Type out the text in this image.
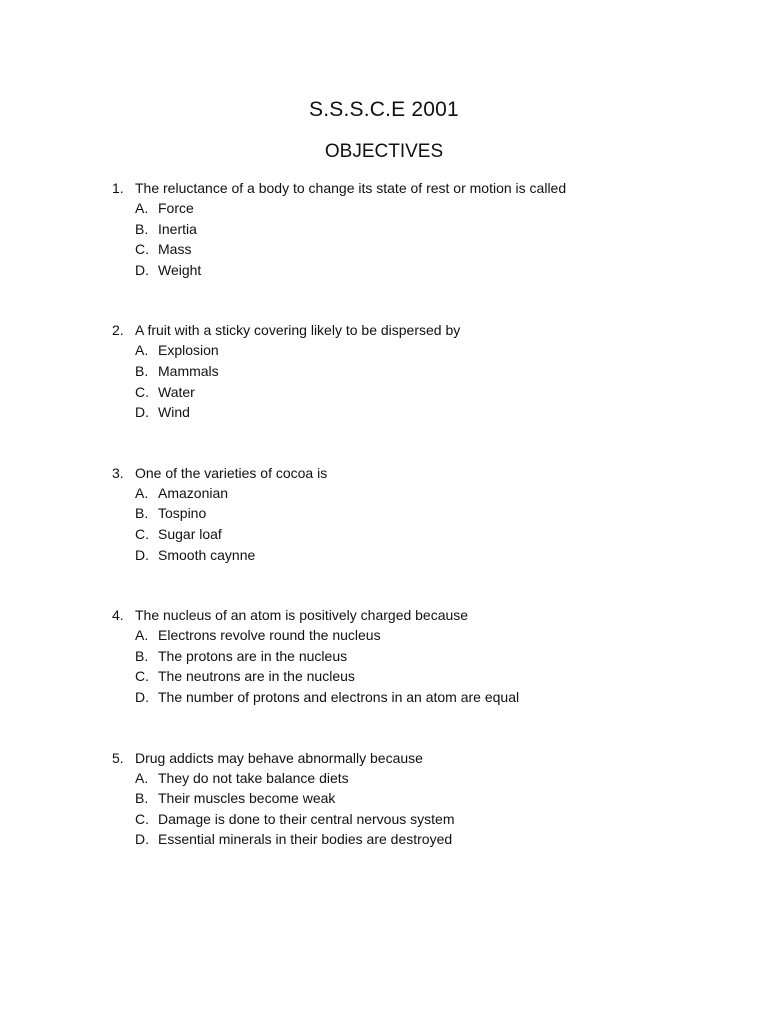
S.S.S.C.E 2001
OBJECTIVES
1. The reluctance of a body to change its state of rest or motion is called
A. Force
B. Inertia
C. Mass
D. Weight
2. A fruit with a sticky covering likely to be dispersed by
A. Explosion
B. Mammals
C. Water
D. Wind
3. One of the varieties of cocoa is
A. Amazonian
B. Tospino
C. Sugar loaf
D. Smooth caynne
4. The nucleus of an atom is positively charged because
A. Electrons revolve round the nucleus
B. The protons are in the nucleus
C. The neutrons are in the nucleus
D. The number of protons and electrons in an atom are equal
5. Drug addicts may behave abnormally because
A. They do not take balance diets
B. Their muscles become weak
C. Damage is done to their central nervous system
D. Essential minerals in their bodies are destroyed
